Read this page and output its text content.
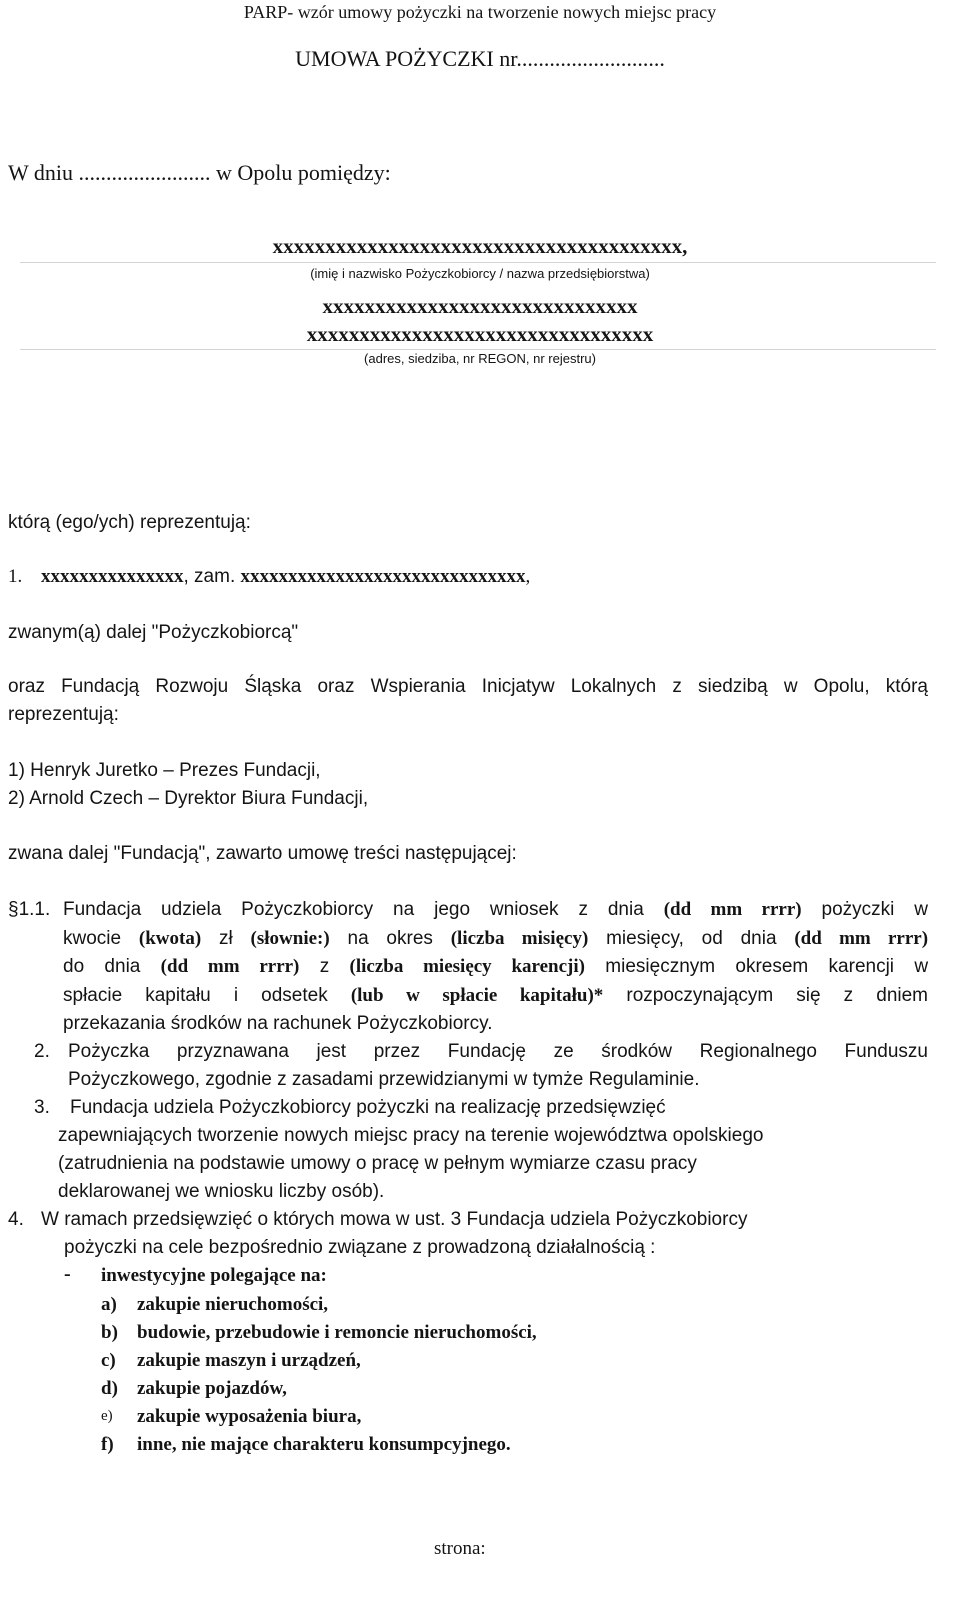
PARP- wzór umowy pożyczki na tworzenie nowych miejsc pracy
UMOWA POŻYCZKI nr...........................
W dniu ........................ w Opolu pomiędzy:
xxxxxxxxxxxxxxxxxxxxxxxxxxxxxxxxxxxxxxx,
(imię i nazwisko Pożyczkobiorcy / nazwa przedsiębiorstwa)
xxxxxxxxxxxxxxxxxxxxxxxxxxxxxx
xxxxxxxxxxxxxxxxxxxxxxxxxxxxxxxxx
(adres, siedziba, nr REGON, nr rejestru)
którą (ego/ych) reprezentują:
1. xxxxxxxxxxxxxxx, zam. xxxxxxxxxxxxxxxxxxxxxxxxxxxxxx,
zwanym(ą) dalej "Pożyczkobiorcą"
oraz Fundacją Rozwoju Śląska oraz Wspierania Inicjatyw Lokalnych z siedzibą w Opolu, którą
reprezentują:
1) Henryk Juretko – Prezes Fundacji,
2) Arnold Czech – Dyrektor Biura Fundacji,
zwana dalej "Fundacją", zawarto umowę treści następującej:
§1.1. Fundacja udziela Pożyczkobiorcy na jego wniosek z dnia (dd mm rrrr) pożyczki w
kwocie (kwota) zł (słownie:) na okres (liczba misięcy) miesięcy, od dnia (dd mm rrrr)
do dnia (dd mm rrrr) z (liczba miesięcy karencji) miesięcznym okresem karencji w
spłacie kapitału i odsetek (lub w spłacie kapitału)* rozpoczynającym się z dniem
przekazania środków na rachunek Pożyczkobiorcy.
2. Pożyczka przyznawana jest przez Fundację ze środków Regionalnego Funduszu
Pożyczkowego, zgodnie z zasadami przewidzianymi w tymże Regulaminie.
3. Fundacja udziela Pożyczkobiorcy pożyczki na realizację przedsięwzięć
zapewniających tworzenie nowych miejsc pracy na terenie województwa opolskiego
(zatrudnienia na podstawie umowy o pracę w pełnym wymiarze czasu pracy
deklarowanej we wniosku liczby osób).
4. W ramach przedsięwzięć o których mowa w ust. 3 Fundacja udziela Pożyczkobiorcy
pożyczki na cele bezpośrednio związane z prowadzoną działalnością :
- inwestycyjne polegające na:
a) zakupie nieruchomości,
b) budowie, przebudowie i remoncie nieruchomości,
c) zakupie maszyn i urządzeń,
d) zakupie pojazdów,
e) zakupie wyposażenia biura,
f) inne, nie mające charakteru konsumpcyjnego.
strona:
